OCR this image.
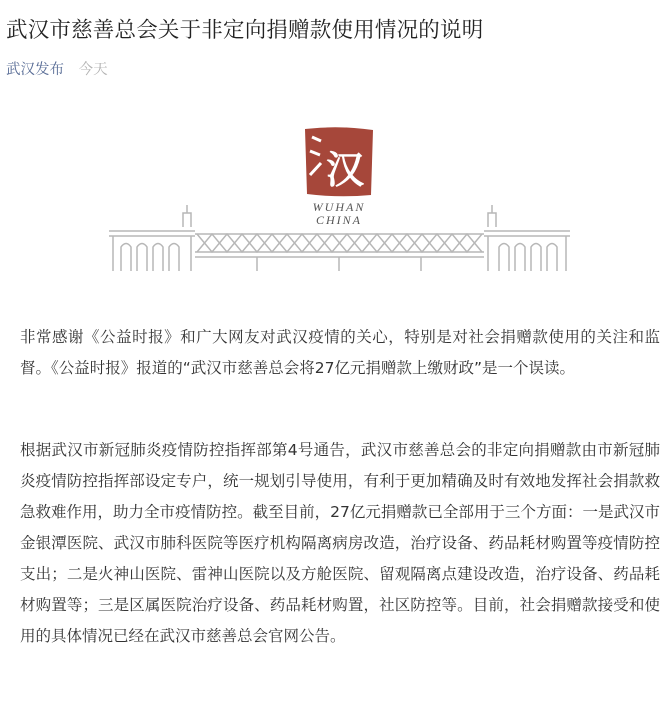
武汉市慈善总会关于非定向捐赠款使用情况的说明
武汉发布 今天
汉
WUHAN
CHINA

非常感谢《公益时报》和广大网友对武汉疫情的关心，特别是对社会捐赠款使用的关注和监督。《公益时报》报道的“武汉市慈善总会将27亿元捐赠款上缴财政”是一个误读。

根据武汉市新冠肺炎疫情防控指挥部第4号通告，武汉市慈善总会的非定向捐赠款由市新冠肺炎疫情防控指挥部设定专户，统一规划引导使用，有利于更加精确及时有效地发挥社会捐款救急救难作用，助力全市疫情防控。截至目前，27亿元捐赠款已全部用于三个方面：一是武汉市金银潭医院、武汉市肺科医院等医疗机构隔离病房改造，治疗设备、药品耗材购置等疫情防控支出；二是火神山医院、雷神山医院以及方舱医院、留观隔离点建设改造，治疗设备、药品耗材购置等；三是区属医院治疗设备、药品耗材购置，社区防控等。目前，社会捐赠款接受和使用的具体情况已经在武汉市慈善总会官网公告。
